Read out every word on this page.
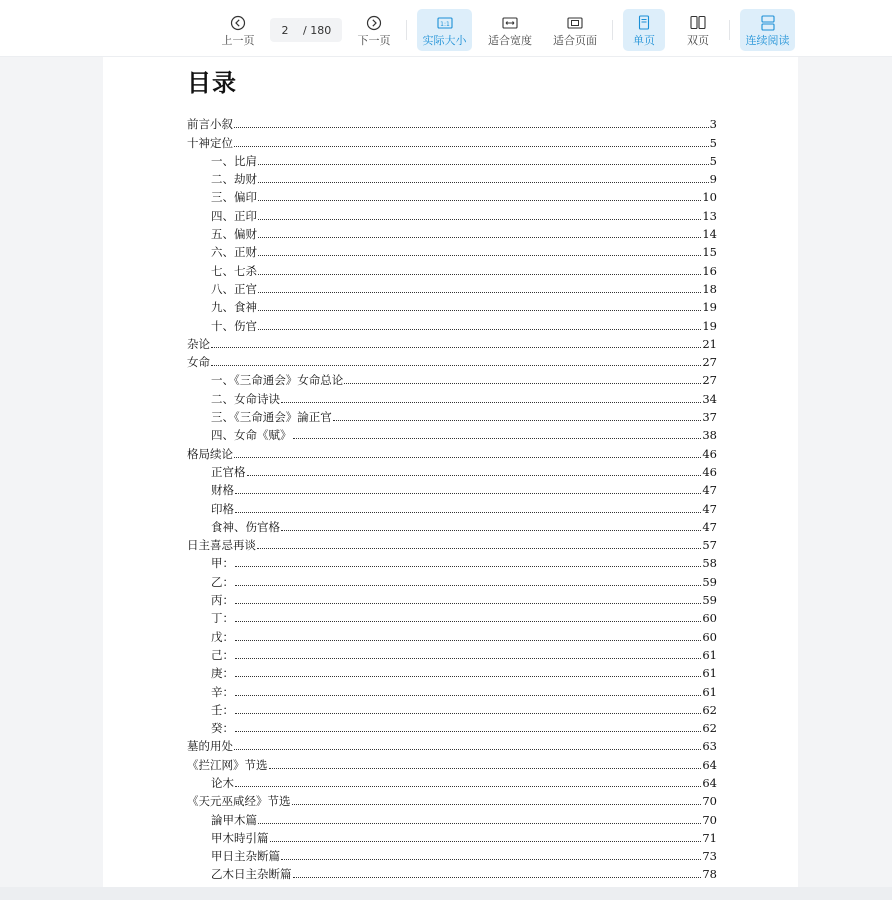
上一页
2
/ 180
下一页
1:1
实际大小 适合宽度 适合页面	单页	双页	连续阅读
目录
前言小叙	3
十神定位	5
一、比肩	5
二、劫财	9
三、偏印	10
四、正印	13
五、偏财	14
六、正财	15
七、七杀	16
八、正官	18
九、食神	19
十、伤官	19
杂论	21
女命	27
一、《三命通会》女命总论	27
二、女命诗诀	34
三、《三命通会》論正官	37
四、女命《赋》	38
格局续论	46
正官格	46
财格	47
印格	47
食神、伤官格	47
日主喜忌再谈	57
甲：	58
乙：	59
丙：	59
丁：	60
戊：	60
己：	61
庚：	61
辛：	61
壬：	62
癸：	62
墓的用处	63
《拦江网》节选	64
论木	64
《天元巫咸经》节选	70
論甲木篇	70
甲木時引篇	71
甲日主杂断篇	73
乙木日主杂断篇	78
